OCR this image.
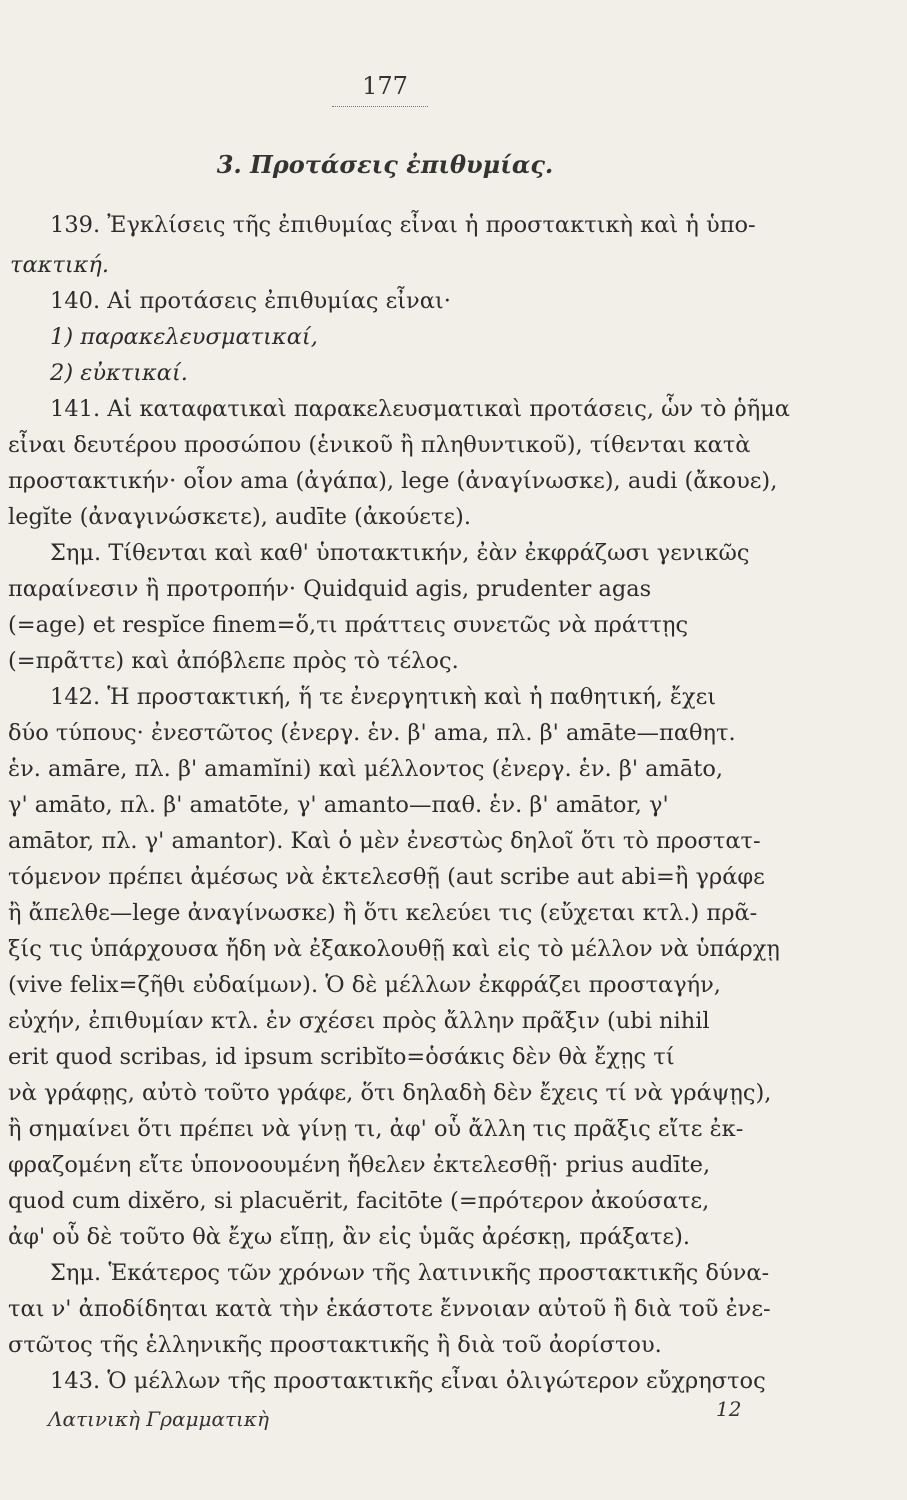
177
3. Προτάσεις ἐπιθυμίας.
139. Ἐγκλίσεις τῆς ἐπιθυμίας εἶναι ἡ προστακτικὴ καὶ ἡ ὑπο-
τακτική.
140. Αἱ προτάσεις ἐπιθυμίας εἶναι·
1) παρακελευσματικαί,
2) εὐκτικαί.
141. Αἱ καταφατικαὶ παρακελευσματικαὶ προτάσεις, ὧν τὸ ῥῆμα
εἶναι δευτέρου προσώπου (ἑνικοῦ ἢ πληθυντικοῦ), τίθενται κατὰ
προστακτικήν· οἷον ama (ἀγάπα), lege (ἀναγίνωσκε), audi (ἄκουε),
legĭte (ἀναγινώσκετε), audīte (ἀκούετε).
Σημ. Τίθενται καὶ καθ' ὑποτακτικήν, ἐὰν ἐκφράζωσι γενικῶς
παραίνεσιν ἢ προτροπήν· Quidquid agis, prudenter agas
(=age) et respĭce finem=ὅ,τι πράττεις συνετῶς νὰ πράττῃς
(=πρᾶττε) καὶ ἀπόβλεπε πρὸς τὸ τέλος.
142. Ἡ προστακτική, ἥ τε ἐνεργητικὴ καὶ ἡ παθητική, ἔχει
δύο τύπους· ἐνεστῶτος (ἐνεργ. ἑν. β' ama, πλ. β' amāte—παθητ.
ἑν. amāre, πλ. β' amamĭni) καὶ μέλλοντος (ἐνεργ. ἑν. β' amāto,
γ' amāto, πλ. β' amatōte, γ' amanto—παθ. ἑν. β' amātor, γ'
amātor, πλ. γ' amantor). Καὶ ὁ μὲν ἐνεστὼς δηλοῖ ὅτι τὸ προστατ-
τόμενον πρέπει ἀμέσως νὰ ἐκτελεσθῇ (aut scribe aut abi=ἢ γράφε
ἢ ἄπελθε—lege ἀναγίνωσκε) ἢ ὅτι κελεύει τις (εὔχεται κτλ.) πρᾶ-
ξίς τις ὑπάρχουσα ἤδη νὰ ἐξακολουθῇ καὶ εἰς τὸ μέλλον νὰ ὑπάρχῃ
(vive felix=ζῆθι εὐδαίμων). Ὁ δὲ μέλλων ἐκφράζει προσταγήν,
εὐχήν, ἐπιθυμίαν κτλ. ἐν σχέσει πρὸς ἄλλην πρᾶξιν (ubi nihil
erit quod scribas, id ipsum scribĭto=ὁσάκις δὲν θὰ ἔχῃς τί
νὰ γράφῃς, αὐτὸ τοῦτο γράφε, ὅτι δηλαδὴ δὲν ἔχεις τί νὰ γράψῃς),
ἢ σημαίνει ὅτι πρέπει νὰ γίνῃ τι, ἀφ' οὗ ἄλλη τις πρᾶξις εἴτε ἐκ-
φραζομένη εἴτε ὑπονοουμένη ἤθελεν ἐκτελεσθῇ· prius audīte,
quod cum dixĕro, si placuĕrit, facitōte (=πρότερον ἀκούσατε,
ἀφ' οὗ δὲ τοῦτο θὰ ἔχω εἴπῃ, ἂν εἰς ὑμᾶς ἀρέσκῃ, πράξατε).
Σημ. Ἑκάτερος τῶν χρόνων τῆς λατινικῆς προστακτικῆς δύνα-
ται ν' ἀποδίδηται κατὰ τὴν ἑκάστοτε ἔννοιαν αὐτοῦ ἢ διὰ τοῦ ἐνε-
στῶτος τῆς ἑλληνικῆς προστακτικῆς ἢ διὰ τοῦ ἀορίστου.
143. Ὁ μέλλων τῆς προστακτικῆς εἶναι ὀλιγώτερον εὔχρηστος
Λατινικὴ Γραμματικὴ	12
